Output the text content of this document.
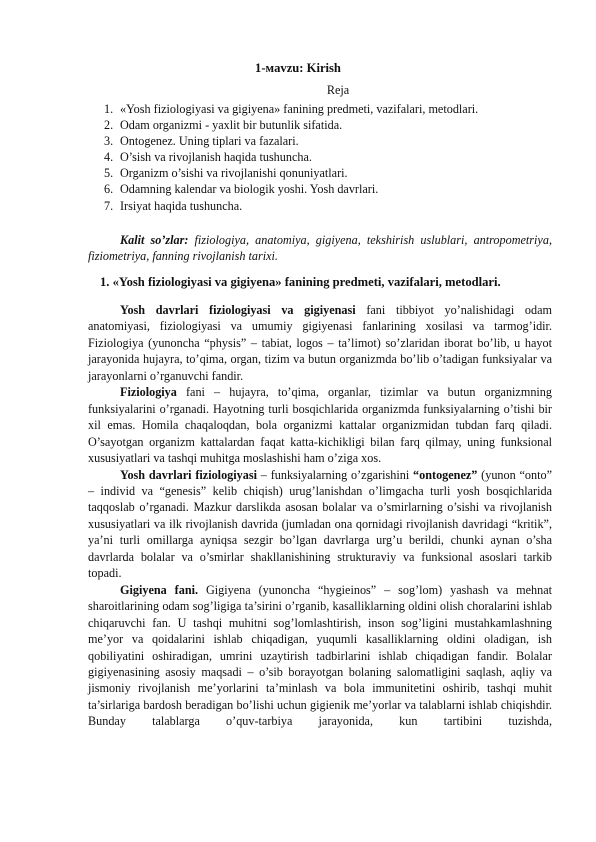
1-мavzu: Kirish
Reja
1. «Yosh fiziologiyasi va gigiyena» fanining predmeti, vazifalari, metodlari.
2. Odam organizmi - yaxlit bir butunlik sifatida.
3. Ontogenez. Uning tiplari va fazalari.
4. O’sish va rivojlanish haqida tushuncha.
5. Organizm o’sishi va rivojlanishi qonuniyatlari.
6. Odamning kalendar va biologik yoshi. Yosh davrlari.
7. Irsiyat haqida tushuncha.
Kalit so’zlar: fiziologiya, anatomiya, gigiyena, tekshirish uslublari, antropometriya, fiziometriya, fanning rivojlanish tarixi.
1. «Yosh fiziologiyasi va gigiyena» fanining predmeti, vazifalari, metodlari.

Yosh davrlari fiziologiyasi va gigiyenasi fani tibbiyot yo’nalishidagi odam anatomiyasi, fiziologiyasi va umumiy gigiyenasi fanlarining xosilasi va tarmog’idir. Fiziologiya (yunoncha “physis” – tabiat, logos – ta’limot) so’zlaridan iborat bo’lib, u hayot jarayonida hujayra, to’qima, organ, tizim va butun organizmda bo’lib o’tadigan funksiyalar va jarayonlarni o’rganuvchi fandir.

Fiziologiya fani – hujayra, to’qima, organlar, tizimlar va butun organizmning funksiyalarini o’rganadi. Hayotning turli bosqichlarida organizmda funksiyalarning o’tishi bir xil emas. Homila chaqaloqdan, bola organizmi kattalar organizmidan tubdan farq qiladi. O’sayotgan organizm kattalardan faqat katta-kichikligi bilan farq qilmay, uning funksional xususiyatlari va tashqi muhitga moslashishi ham o’ziga xos.

Yosh davrlari fiziologiyasi – funksiyalarning o’zgarishini “ontogenez” (yunon “onto” – individ va “genesis” kelib chiqish) urug’lanishdan o’limgacha turli yosh bosqichlarida taqqoslab o’rganadi. Mazkur darslikda asosan bolalar va o’smirlarning o’sishi va rivojlanish xususiyatlari va ilk rivojlanish davrida (jumladan ona qornidagi rivojlanish davridagi “kritik”, ya’ni turli omillarga ayniqsa sezgir bo’lgan davrlarga urg’u berildi, chunki aynan o’sha davrlarda bolalar va o’smirlar shakllanishining strukturaviy va funksional asoslari tarkib topadi.

Gigiyena fani. Gigiyena (yunoncha “hygieinos” – sog’lom) yashash va mehnat sharoitlarining odam sog’ligiga ta’sirini o’rganib, kasalliklarning oldini olish choralarini ishlab chiqaruvchi fan. U tashqi muhitni sog’lomlashtirish, inson sog’ligini mustahkamlashning me’yor va qoidalarini ishlab chiqadigan, yuqumli kasalliklarning oldini oladigan, ish qobiliyatini oshiradigan, umrini uzaytirish tadbirlarini ishlab chiqadigan fandir. Bolalar gigiyenasining asosiy maqsadi – o’sib borayotgan bolaning salomatligini saqlash, aqliy va jismoniy rivojlanish me’yorlarini ta’minlash va bola immunitetini oshirib, tashqi muhit ta’sirlariga bardosh beradigan bo’lishi uchun gigienik me’yorlar va talablarni ishlab chiqishdir. Bunday talablarga o’quv-tarbiya jarayonida, kun tartibini tuzishda,
